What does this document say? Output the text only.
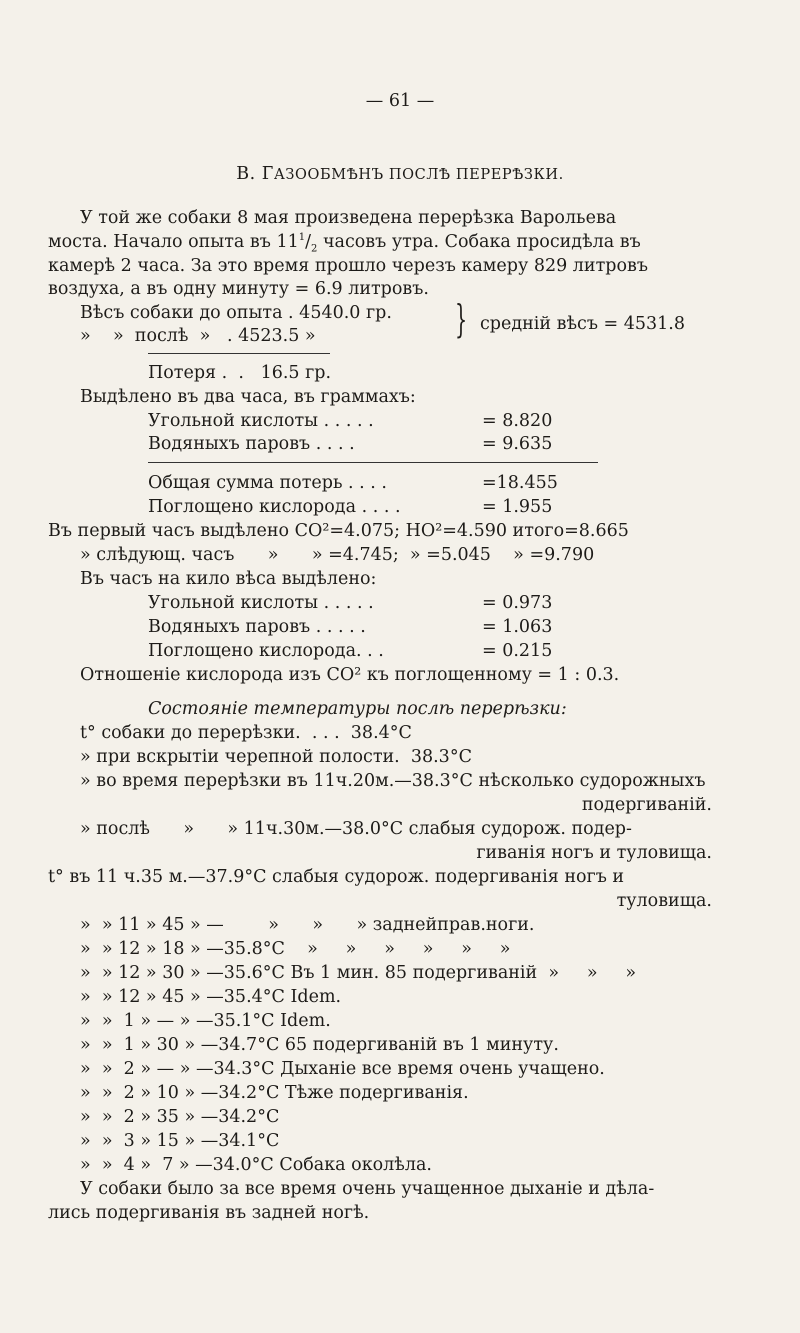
— 61 —
B. ГАЗООБМѢНЪ ПОСЛѢ ПЕРЕРѢЗКИ.
У той же собаки 8 мая произведена перерѣзка Варольева
моста. Начало опыта въ $11^1/_2$ часовъ утра. Собака просидѣла въ
камерѣ 2 часа. За это время прошло черезъ камеру 829 литровъ
воздуха, а въ одну минуту = 6.9 литровъ.
Вѣсъ собаки до опыта . 4540.0 гр.
»    »  послѣ  »   . 4523.5 »	} средній вѣсъ = 4531.8
Потеря .  .   16.5 гр.
Выдѣлено въ два часа, въ граммахъ:
Угольной кислоты . . . . .	= 8.820
Водяныхъ паровъ . . . .	= 9.635
Общая сумма потерь . . . .	=18.455
Поглощено кислорода . . . .	= 1.955
Въ первый часъ выдѣлено CO²=4.075; HO²=4.590 итого=8.665
» слѣдующ. часъ      »      » =4.745;  » =5.045    » =9.790
Въ часъ на кило вѣса выдѣлено:
Угольной кислоты . . . . .	= 0.973
Водяныхъ паровъ . . . . .	= 1.063
Поглощено кислорода. . .	= 0.215
Отношеніе кислорода изъ CO² къ поглощенному = 1 : 0.3.
Состояніе температуры послѣ перерѣзки:
t° собаки до перерѣзки.  . . .  38.4°C
» при вскрытіи черепной полости.  38.3°C
» во время перерѣзки въ 11ч.20м.—38.3°C нѣсколько судорожныхъ
подергиваній.
» послѣ      »      » 11ч.30м.—38.0°C слабыя судорож. подер-
гиванія ногъ и туловища.
t° въ 11 ч.35 м.—37.9°C слабыя судорож. подергиванія ногъ и
туловища.
»  » 11 » 45 » —        »      »      » заднейправ.ноги.
»  » 12 » 18 » —35.8°C    »     »     »     »     »     »
»  » 12 » 30 » —35.6°C Въ 1 мин. 85 подергиваній  »     »     »
»  » 12 » 45 » —35.4°C Idem.
»  »  1 » — » —35.1°C Idem.
»  »  1 » 30 » —34.7°C 65 подергиваній въ 1 минуту.
»  »  2 » — » —34.3°C Дыханіе все время очень учащено.
»  »  2 » 10 » —34.2°C Тѣже подергиванія.
»  »  2 » 35 » —34.2°C
»  »  3 » 15 » —34.1°C
»  »  4 »  7 » —34.0°C Собака околѣла.
У собаки было за все время очень учащенное дыханіе и дѣла-
лись подергиванія въ задней ногѣ.
